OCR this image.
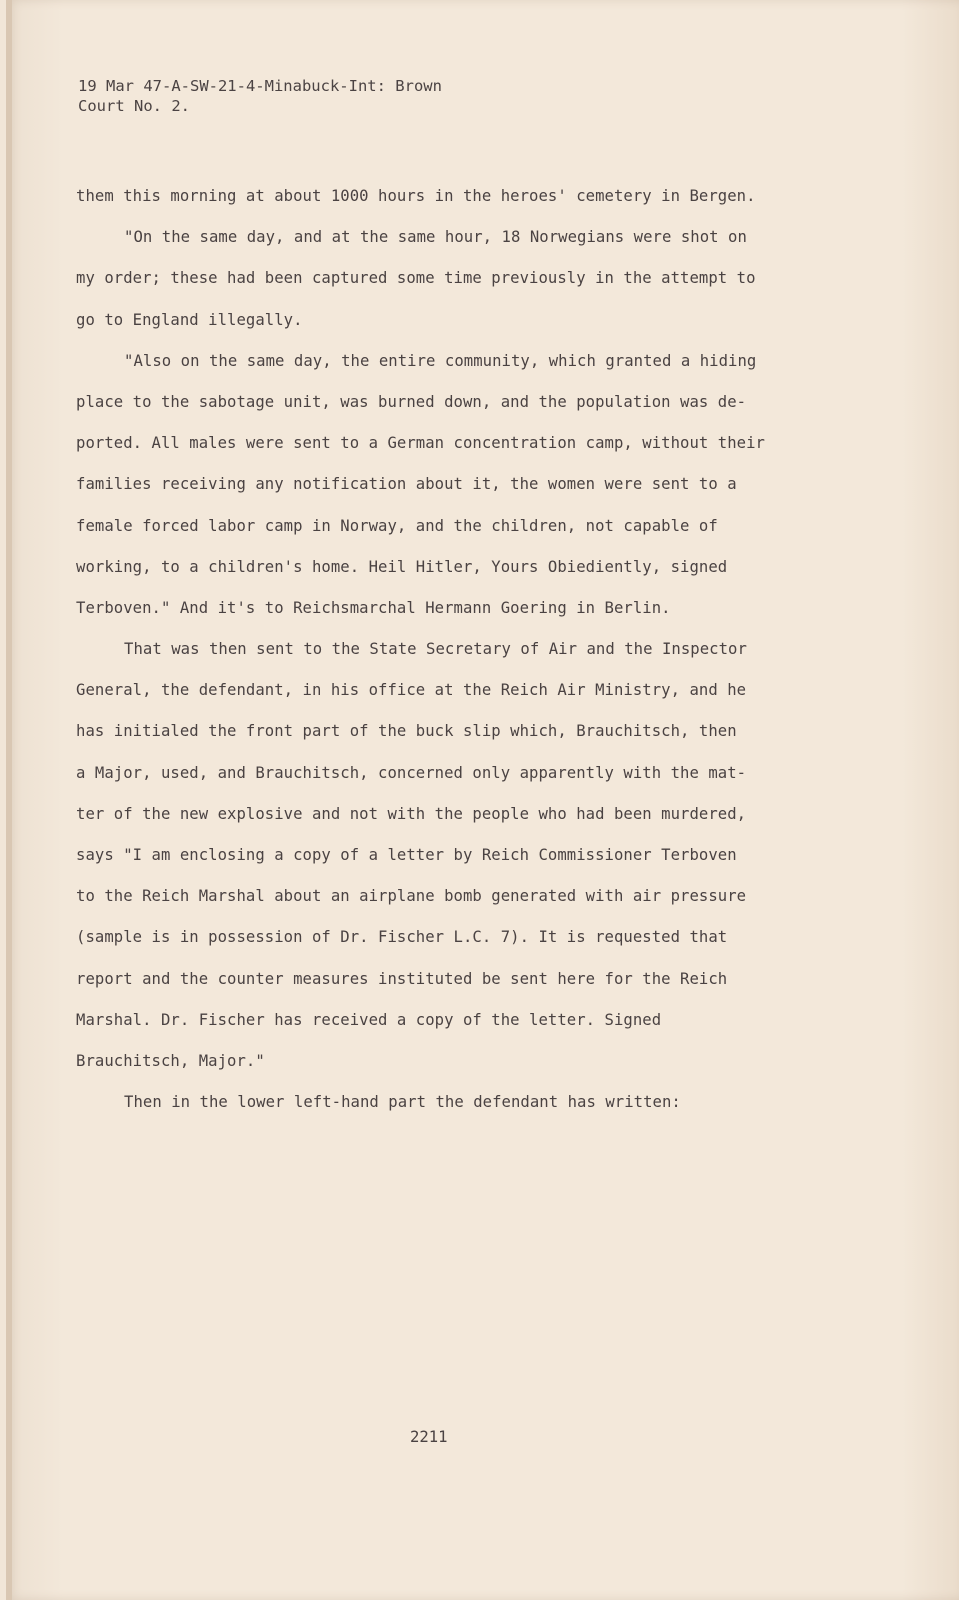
19 Mar 47-A-SW-21-4-Minabuck-Int: Brown
Court No. 2.
them this morning at about 1000 hours in the heroes' cemetery in Bergen.
"On the same day, and at the same hour, 18 Norwegians were shot on
my order; these had been captured some time previously in the attempt to
go to England illegally.
"Also on the same day, the entire community, which granted a hiding
place to the sabotage unit, was burned down, and the population was de-
ported. All males were sent to a German concentration camp, without their
families receiving any notification about it, the women were sent to a
female forced labor camp in Norway, and the children, not capable of
working, to a children's home. Heil Hitler, Yours Obiediently, signed
Terboven." And it's to Reichsmarchal Hermann Goering in Berlin.
That was then sent to the State Secretary of Air and the Inspector
General, the defendant, in his office at the Reich Air Ministry, and he
has initialed the front part of the buck slip which, Brauchitsch, then
a Major, used, and Brauchitsch, concerned only apparently with the mat-
ter of the new explosive and not with the people who had been murdered,
says "I am enclosing a copy of a letter by Reich Commissioner Terboven
to the Reich Marshal about an airplane bomb generated with air pressure
(sample is in possession of Dr. Fischer L.C. 7). It is requested that
report and the counter measures instituted be sent here for the Reich
Marshal. Dr. Fischer has received a copy of the letter. Signed
Brauchitsch, Major."
Then in the lower left-hand part the defendant has written:
2211
